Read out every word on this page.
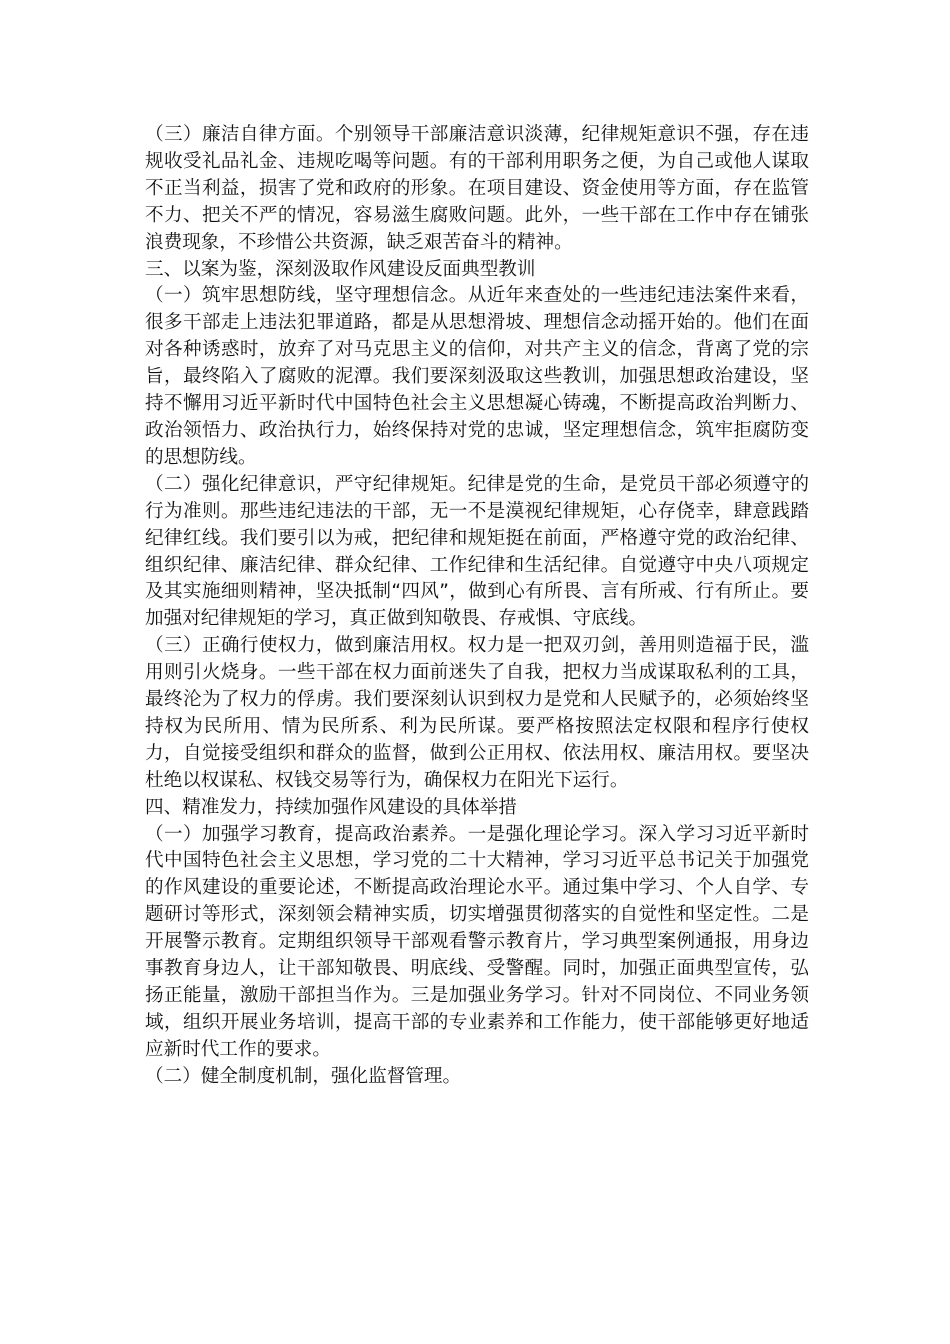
（三）廉洁自律方面。个别领导干部廉洁意识淡薄，纪律规矩意识不强，存在违规收受礼品礼金、违规吃喝等问题。有的干部利用职务之便，为自己或他人谋取不正当利益，损害了党和政府的形象。在项目建设、资金使用等方面，存在监管不力、把关不严的情况，容易滋生腐败问题。此外，一些干部在工作中存在铺张浪费现象，不珍惜公共资源，缺乏艰苦奋斗的精神。

三、以案为鉴，深刻汲取作风建设反面典型教训

（一）筑牢思想防线，坚守理想信念。从近年来查处的一些违纪违法案件来看，很多干部走上违法犯罪道路，都是从思想滑坡、理想信念动摇开始的。他们在面对各种诱惑时，放弃了对马克思主义的信仰，对共产主义的信念，背离了党的宗旨，最终陷入了腐败的泥潭。我们要深刻汲取这些教训，加强思想政治建设，坚持不懈用习近平新时代中国特色社会主义思想凝心铸魂，不断提高政治判断力、政治领悟力、政治执行力，始终保持对党的忠诚，坚定理想信念，筑牢拒腐防变的思想防线。

（二）强化纪律意识，严守纪律规矩。纪律是党的生命，是党员干部必须遵守的行为准则。那些违纪违法的干部，无一不是漠视纪律规矩，心存侥幸，肆意践踏纪律红线。我们要引以为戒，把纪律和规矩挺在前面，严格遵守党的政治纪律、组织纪律、廉洁纪律、群众纪律、工作纪律和生活纪律。自觉遵守中央八项规定及其实施细则精神，坚决抵制“四风”，做到心有所畏、言有所戒、行有所止。要加强对纪律规矩的学习，真正做到知敬畏、存戒惧、守底线。

（三）正确行使权力，做到廉洁用权。权力是一把双刃剑，善用则造福于民，滥用则引火烧身。一些干部在权力面前迷失了自我，把权力当成谋取私利的工具，最终沦为了权力的俘虏。我们要深刻认识到权力是党和人民赋予的，必须始终坚持权为民所用、情为民所系、利为民所谋。要严格按照法定权限和程序行使权力，自觉接受组织和群众的监督，做到公正用权、依法用权、廉洁用权。要坚决杜绝以权谋私、权钱交易等行为，确保权力在阳光下运行。

四、精准发力，持续加强作风建设的具体举措

（一）加强学习教育，提高政治素养。一是强化理论学习。深入学习习近平新时代中国特色社会主义思想，学习党的二十大精神，学习习近平总书记关于加强党的作风建设的重要论述，不断提高政治理论水平。通过集中学习、个人自学、专题研讨等形式，深刻领会精神实质，切实增强贯彻落实的自觉性和坚定性。二是开展警示教育。定期组织领导干部观看警示教育片，学习典型案例通报，用身边事教育身边人，让干部知敬畏、明底线、受警醒。同时，加强正面典型宣传，弘扬正能量，激励干部担当作为。三是加强业务学习。针对不同岗位、不同业务领域，组织开展业务培训，提高干部的专业素养和工作能力，使干部能够更好地适应新时代工作的要求。

（二）健全制度机制，强化监督管理。
